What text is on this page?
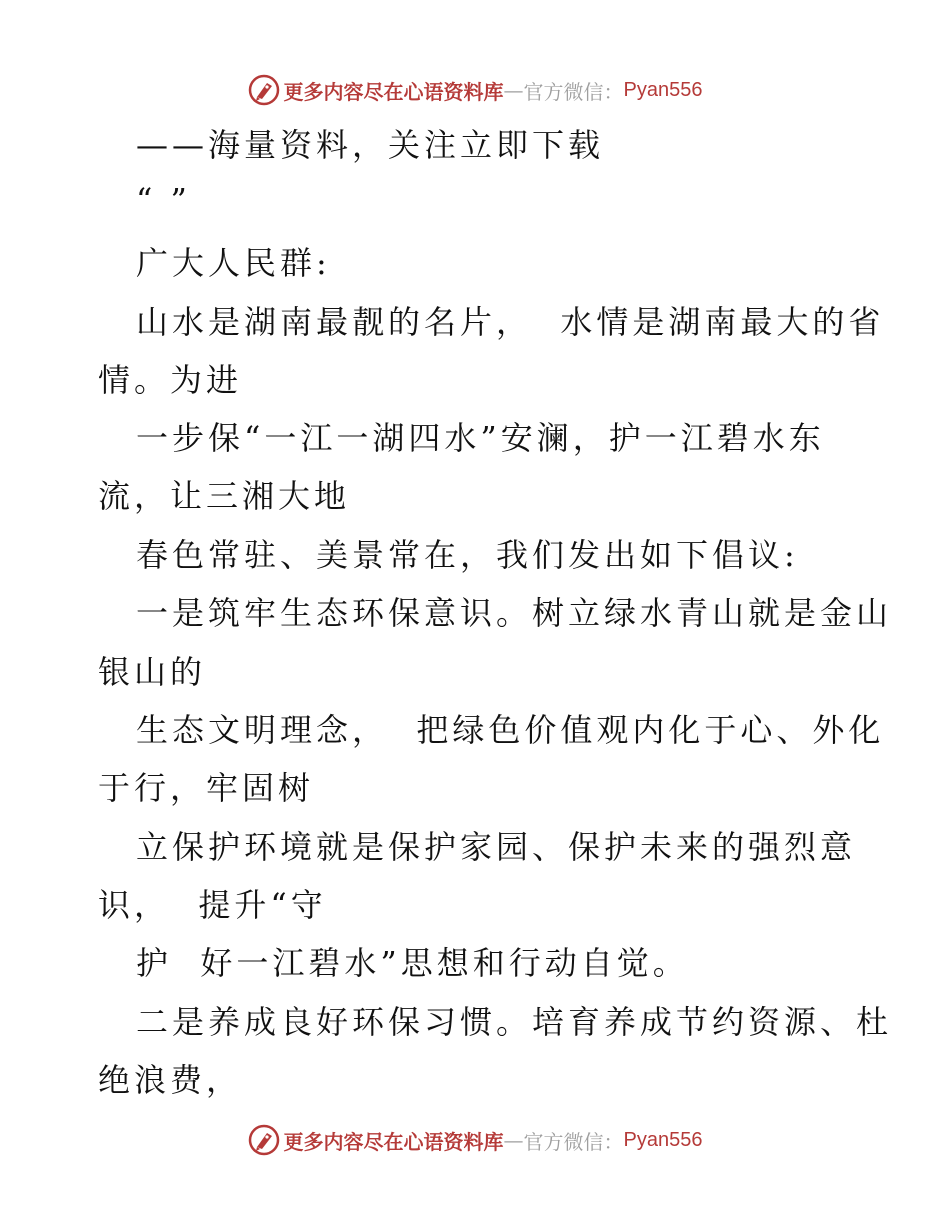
更多内容尽在心语资料库 — 官方微信： Pyan556
——海量资料，关注立即下载
“ ”
广大人民群:
山水是湖南最靓的名片，  水情是湖南最大的省
情。为进
一步保“一江一湖四水”安澜，护一江碧水东
流，让三湘大地
春色常驻、美景常在，我们发出如下倡议:
一是筑牢生态环保意识。树立绿水青山就是金山
银山的
生态文明理念，  把绿色价值观内化于心、外化
于行，牢固树
立保护环境就是保护家园、保护未来的强烈意
识，  提升“守
护  好一江碧水”思想和行动自觉。
二是养成良好环保习惯。培育养成节约资源、杜
绝浪费，
更多内容尽在心语资料库 — 官方微信： Pyan556
